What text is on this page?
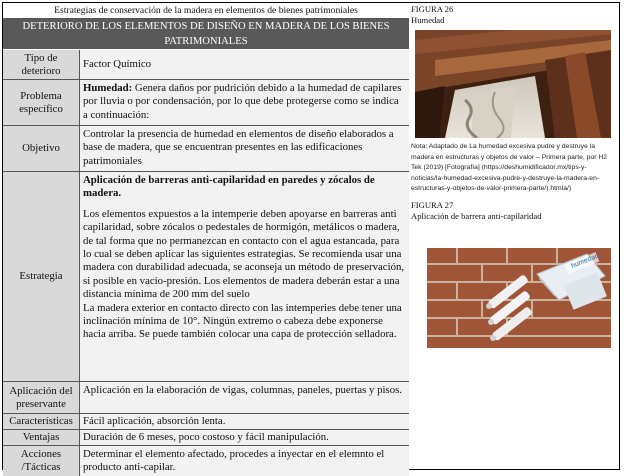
Estrategias de conservación de la madera en elementos de bienes patrimoniales
DETERIORO DE LOS ELEMENTOS DE DISEÑO EN MADERA DE LOS BIENES
PATRIMONIALES
Tipo de deterioro
Factor Químico
Problema específico

Humedad: Genera daños por pudrición debido a la humedad de capilares por lluvia o por condensación, por lo que debe protegerse como se indica a continuación:

Objetivo

Controlar la presencia de humedad en elementos de diseño elaborados a base de madera, que se encuentran presentes en las edificaciones patrimoniales

Estrategia

Aplicación de barreras anti-capilaridad en paredes y zócalos de madera.

Los elementos expuestos a la intemperie deben apoyarse en barreras anti capilaridad, sobre zócalos o pedestales de hormigón, metálicos o madera, de tal forma que no permanezcan en contacto con el agua estancada, para lo cual se deben aplicar las siguientes estrategias. Se recomienda usar una madera con durabilidad adecuada, se aconseja un método de preservación, si posible en vacío-presión. Los elementos de madera deberán estar a una distancia mínima de 200 mm del suelo

La madera exterior en contacto directo con las intemperies debe tener una inclinación mínima de 10°. Ningún extremo o cabeza debe exponerse hacia arriba. Se puede también colocar una capa de protección selladora.

Aplicación del preservante

Aplicación en la elaboración de vigas, columnas, paneles, puertas y pisos.

Características Fácil aplicación, absorción lenta.

Ventajas	Duración de 6 meses, poco costoso y fácil manipulación.

Acciones /Tácticas

Determinar el elemento afectado, procedes a inyectar en el elemnto el producto anti-capilar.

FIGURA 26
Humedad
Nota: Adaptado de La humedad excesiva pudre y destruye la madera en estructuras y objetos de valor – Primera parte, por H2 Tek (2019) [Fotografía] (https://deshumidificador.mx/tips-y-noticias/la-humedad-excesiva-pudre-y-destruye-la-madera-en-estructuras-y-objetos-de-valor-primera-parte/).htmla/)
FIGURA 27
Aplicación de barrera anti-capilaridad
humedad
